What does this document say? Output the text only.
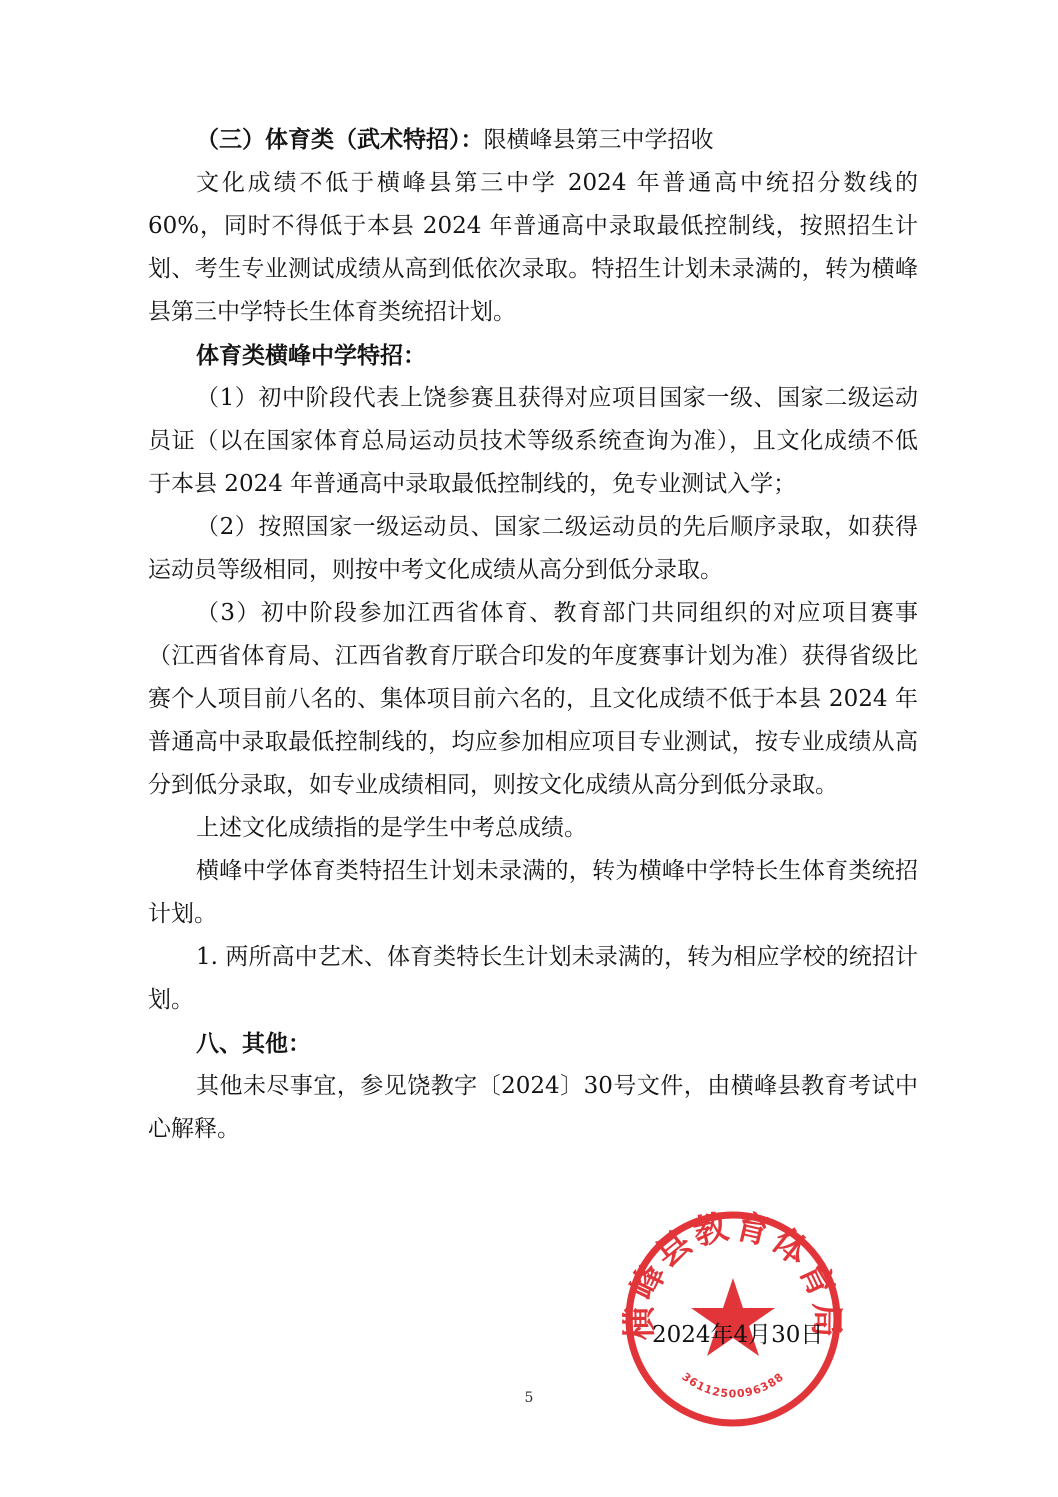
（三）体育类（武术特招）：限横峰县第三中学招收

文化成绩不低于横峰县第三中学 2024 年普通高中统招分数线的60%，同时不得低于本县 2024 年普通高中录取最低控制线，按照招生计划、考生专业测试成绩从高到低依次录取。特招生计划未录满的，转为横峰县第三中学特长生体育类统招计划。

体育类横峰中学特招：

（1）初中阶段代表上饶参赛且获得对应项目国家一级、国家二级运动员证（以在国家体育总局运动员技术等级系统查询为准），且文化成绩不低于本县 2024 年普通高中录取最低控制线的，免专业测试入学；

（2）按照国家一级运动员、国家二级运动员的先后顺序录取，如获得运动员等级相同，则按中考文化成绩从高分到低分录取。

（3）初中阶段参加江西省体育、教育部门共同组织的对应项目赛事（江西省体育局、江西省教育厅联合印发的年度赛事计划为准）获得省级比赛个人项目前八名的、集体项目前六名的，且文化成绩不低于本县 2024 年普通高中录取最低控制线的，均应参加相应项目专业测试，按专业成绩从高分到低分录取，如专业成绩相同，则按文化成绩从高分到低分录取。

上述文化成绩指的是学生中考总成绩。

横峰中学体育类特招生计划未录满的，转为横峰中学特长生体育类统招计划。

1. 两所高中艺术、体育类特长生计划未录满的，转为相应学校的统招计划。

八、其他：

其他未尽事宜，参见饶教字〔2024〕30号文件，由横峰县教育考试中心解释。

横峰县教育体育局
3611250096388
2024年4月30日
5
